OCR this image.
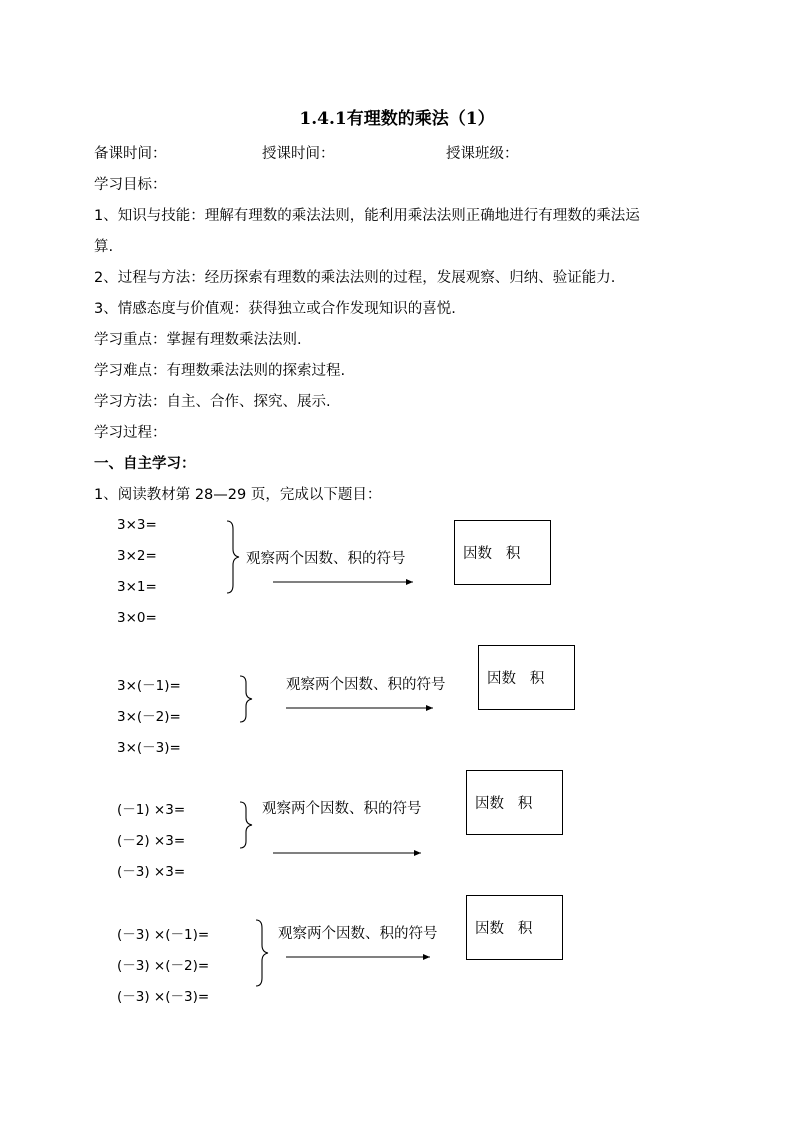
1.4.1有理数的乘法（1）
备课时间：	授课时间：	授课班级：
学习目标：
1、知识与技能：理解有理数的乘法法则，能利用乘法法则正确地进行有理数的乘法运
算.
2、过程与方法：经历探索有理数的乘法法则的过程，发展观察、归纳、验证能力.
3、情感态度与价值观：获得独立或合作发现知识的喜悦.
学习重点：掌握有理数乘法法则.
学习难点：有理数乘法法则的探索过程.
学习方法：自主、合作、探究、展示.
学习过程：
一、自主学习：
1、阅读教材第 28—29 页，完成以下题目：
3×3=
3×2=
3×1=
3×0=
观察两个因数、积的符号	因数   积
3×(－1)=
3×(－2)=
3×(－3)=
观察两个因数、积的符号	因数   积
(－1) ×3=
(－2) ×3=
(－3) ×3=
观察两个因数、积的符号	因数   积
(－3) ×(－1)=
(－3) ×(－2)=
(－3) ×(－3)=
观察两个因数、积的符号	因数   积
